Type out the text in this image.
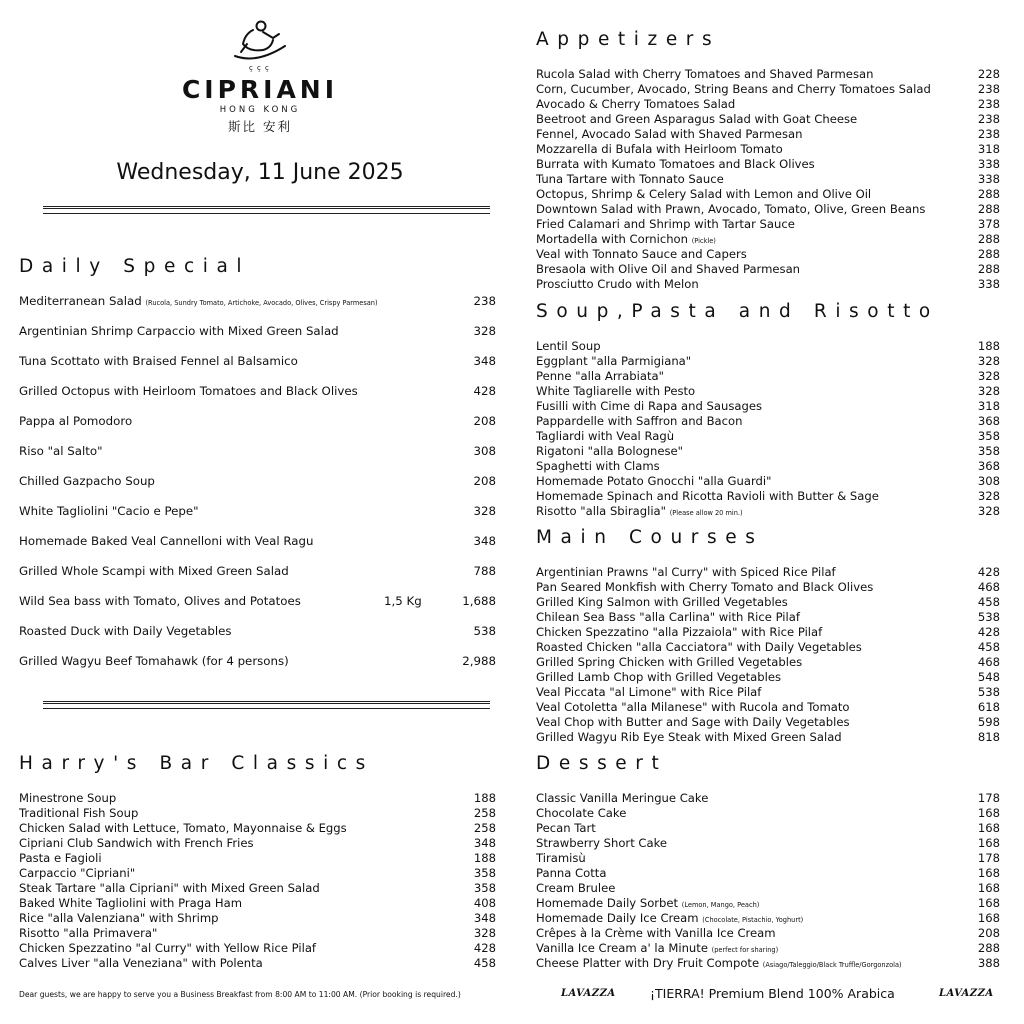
ç ç ç
CIPRIANI
HONG KONG
斯比 安利
Wednesday, 11 June 2025
Daily Special
Mediterranean Salad (Rucola, Sundry Tomato, Artichoke, Avocado, Olives, Crispy Parmesan)	238
Argentinian Shrimp Carpaccio with Mixed Green Salad	328
Tuna Scottato with Braised Fennel al Balsamico	348
Grilled Octopus with Heirloom Tomatoes and Black Olives	428
Pappa al Pomodoro	208
Riso "al Salto"	308
Chilled Gazpacho Soup	208
White Tagliolini "Cacio e Pepe"	328
Homemade Baked Veal Cannelloni with Veal Ragu	348
Grilled Whole Scampi with Mixed Green Salad	788
Wild Sea bass with Tomato, Olives and Potatoes	1,5 Kg	1,688
Roasted Duck with Daily Vegetables	538
Grilled Wagyu Beef Tomahawk (for 4 persons)	2,988
Harry's Bar Classics
Minestrone Soup	188
Traditional Fish Soup	258
Chicken Salad with Lettuce, Tomato, Mayonnaise & Eggs	258
Cipriani Club Sandwich with French Fries	348
Pasta e Fagioli	188
Carpaccio "Cipriani"	358
Steak Tartare "alla Cipriani" with Mixed Green Salad	358
Baked White Tagliolini with Praga Ham	408
Rice "alla Valenziana" with Shrimp	348
Risotto "alla Primavera"	328
Chicken Spezzatino "al Curry" with Yellow Rice Pilaf	428
Calves Liver "alla Veneziana" with Polenta	458
Appetizers
Rucola Salad with Cherry Tomatoes and Shaved Parmesan	228
Corn, Cucumber, Avocado, String Beans and Cherry Tomatoes Salad	238
Avocado & Cherry Tomatoes Salad	238
Beetroot and Green Asparagus Salad with Goat Cheese	238
Fennel, Avocado Salad with Shaved Parmesan	238
Mozzarella di Bufala with Heirloom Tomato	318
Burrata with Kumato Tomatoes and Black Olives	338
Tuna Tartare with Tonnato Sauce	338
Octopus, Shrimp & Celery Salad with Lemon and Olive Oil	288
Downtown Salad with Prawn, Avocado, Tomato, Olive, Green Beans	288
Fried Calamari and Shrimp with Tartar Sauce	378
Mortadella with Cornichon (Pickle)	288
Veal with Tonnato Sauce and Capers	288
Bresaola with Olive Oil and Shaved Parmesan	288
Prosciutto Crudo with Melon	338
Soup,Pasta and Risotto
Lentil Soup	188
Eggplant "alla Parmigiana"	328
Penne "alla Arrabiata"	328
White Tagliarelle with Pesto	328
Fusilli with Cime di Rapa and Sausages	318
Pappardelle with Saffron and Bacon	368
Tagliardi with Veal Ragù	358
Rigatoni "alla Bolognese"	358
Spaghetti with Clams	368
Homemade Potato Gnocchi "alla Guardi"	308
Homemade Spinach and Ricotta Ravioli with Butter & Sage	328
Risotto "alla Sbiraglia" (Please allow 20 min.)	328
Main Courses
Argentinian Prawns "al Curry" with Spiced Rice Pilaf	428
Pan Seared Monkfish with Cherry Tomato and Black Olives	468
Grilled King Salmon with Grilled Vegetables	458
Chilean Sea Bass "alla Carlina" with Rice Pilaf	538
Chicken Spezzatino "alla Pizzaiola" with Rice Pilaf	428
Roasted Chicken "alla Cacciatora" with Daily Vegetables	458
Grilled Spring Chicken with Grilled Vegetables	468
Grilled Lamb Chop with Grilled Vegetables	548
Veal Piccata "al Limone" with Rice Pilaf	538
Veal Cotoletta "alla Milanese" with Rucola and Tomato	618
Veal Chop with Butter and Sage with Daily Vegetables	598
Grilled Wagyu Rib Eye Steak with Mixed Green Salad	818
Dessert
Classic Vanilla Meringue Cake	178
Chocolate Cake	168
Pecan Tart	168
Strawberry Short Cake	168
Tiramisù	178
Panna Cotta	168
Cream Brulee	168
Homemade Daily Sorbet (Lemon, Mango, Peach)	168
Homemade Daily Ice Cream (Chocolate, Pistachio, Yoghurt)	168
Crêpes à la Crème with Vanilla Ice Cream	208
Vanilla Ice Cream a' la Minute (perfect for sharing)	288
Cheese Platter with Dry Fruit Compote (Asiago/Taleggio/Black Truffle/Gorgonzola)	388
Dear guests, we are happy to serve you a Business Breakfast from 8:00 AM to 11:00 AM. (Prior booking is required.)	LAVAZZA	¡TIERRA! Premium Blend 100% Arabica	LAVAZZA
